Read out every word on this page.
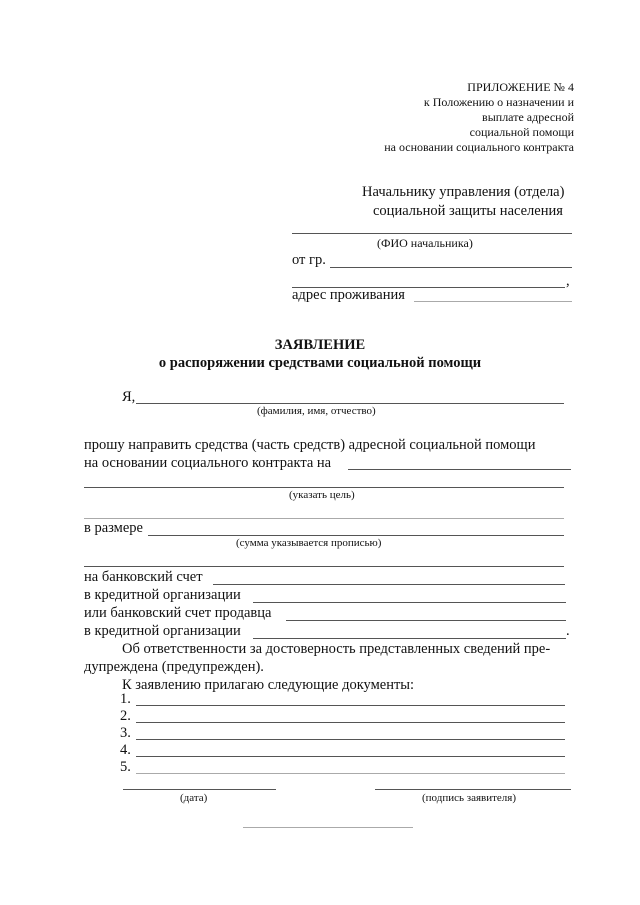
ПРИЛОЖЕНИЕ № 4
к Положению о назначении и
выплате адресной
социальной помощи
на основании социального контракта
Начальнику управления (отдела)
социальной защиты населения
(ФИО начальника)
от гр.
,
адрес проживания
ЗАЯВЛЕНИЕ
о распоряжении средствами социальной помощи
Я,
(фамилия, имя, отчество)
прошу направить средства (часть средств) адресной социальной помощи
на основании социального контракта на
(указать цель)
в размере
(сумма указывается прописью)
на банковский счет
в кредитной организации
или банковский счет продавца
в кредитной организации	.
Об ответственности за достоверность представленных сведений пре-
дупреждена (предупрежден).
К заявлению прилагаю следующие документы:
1.
2.
3.
4.
5.
(дата)	(подпись заявителя)
